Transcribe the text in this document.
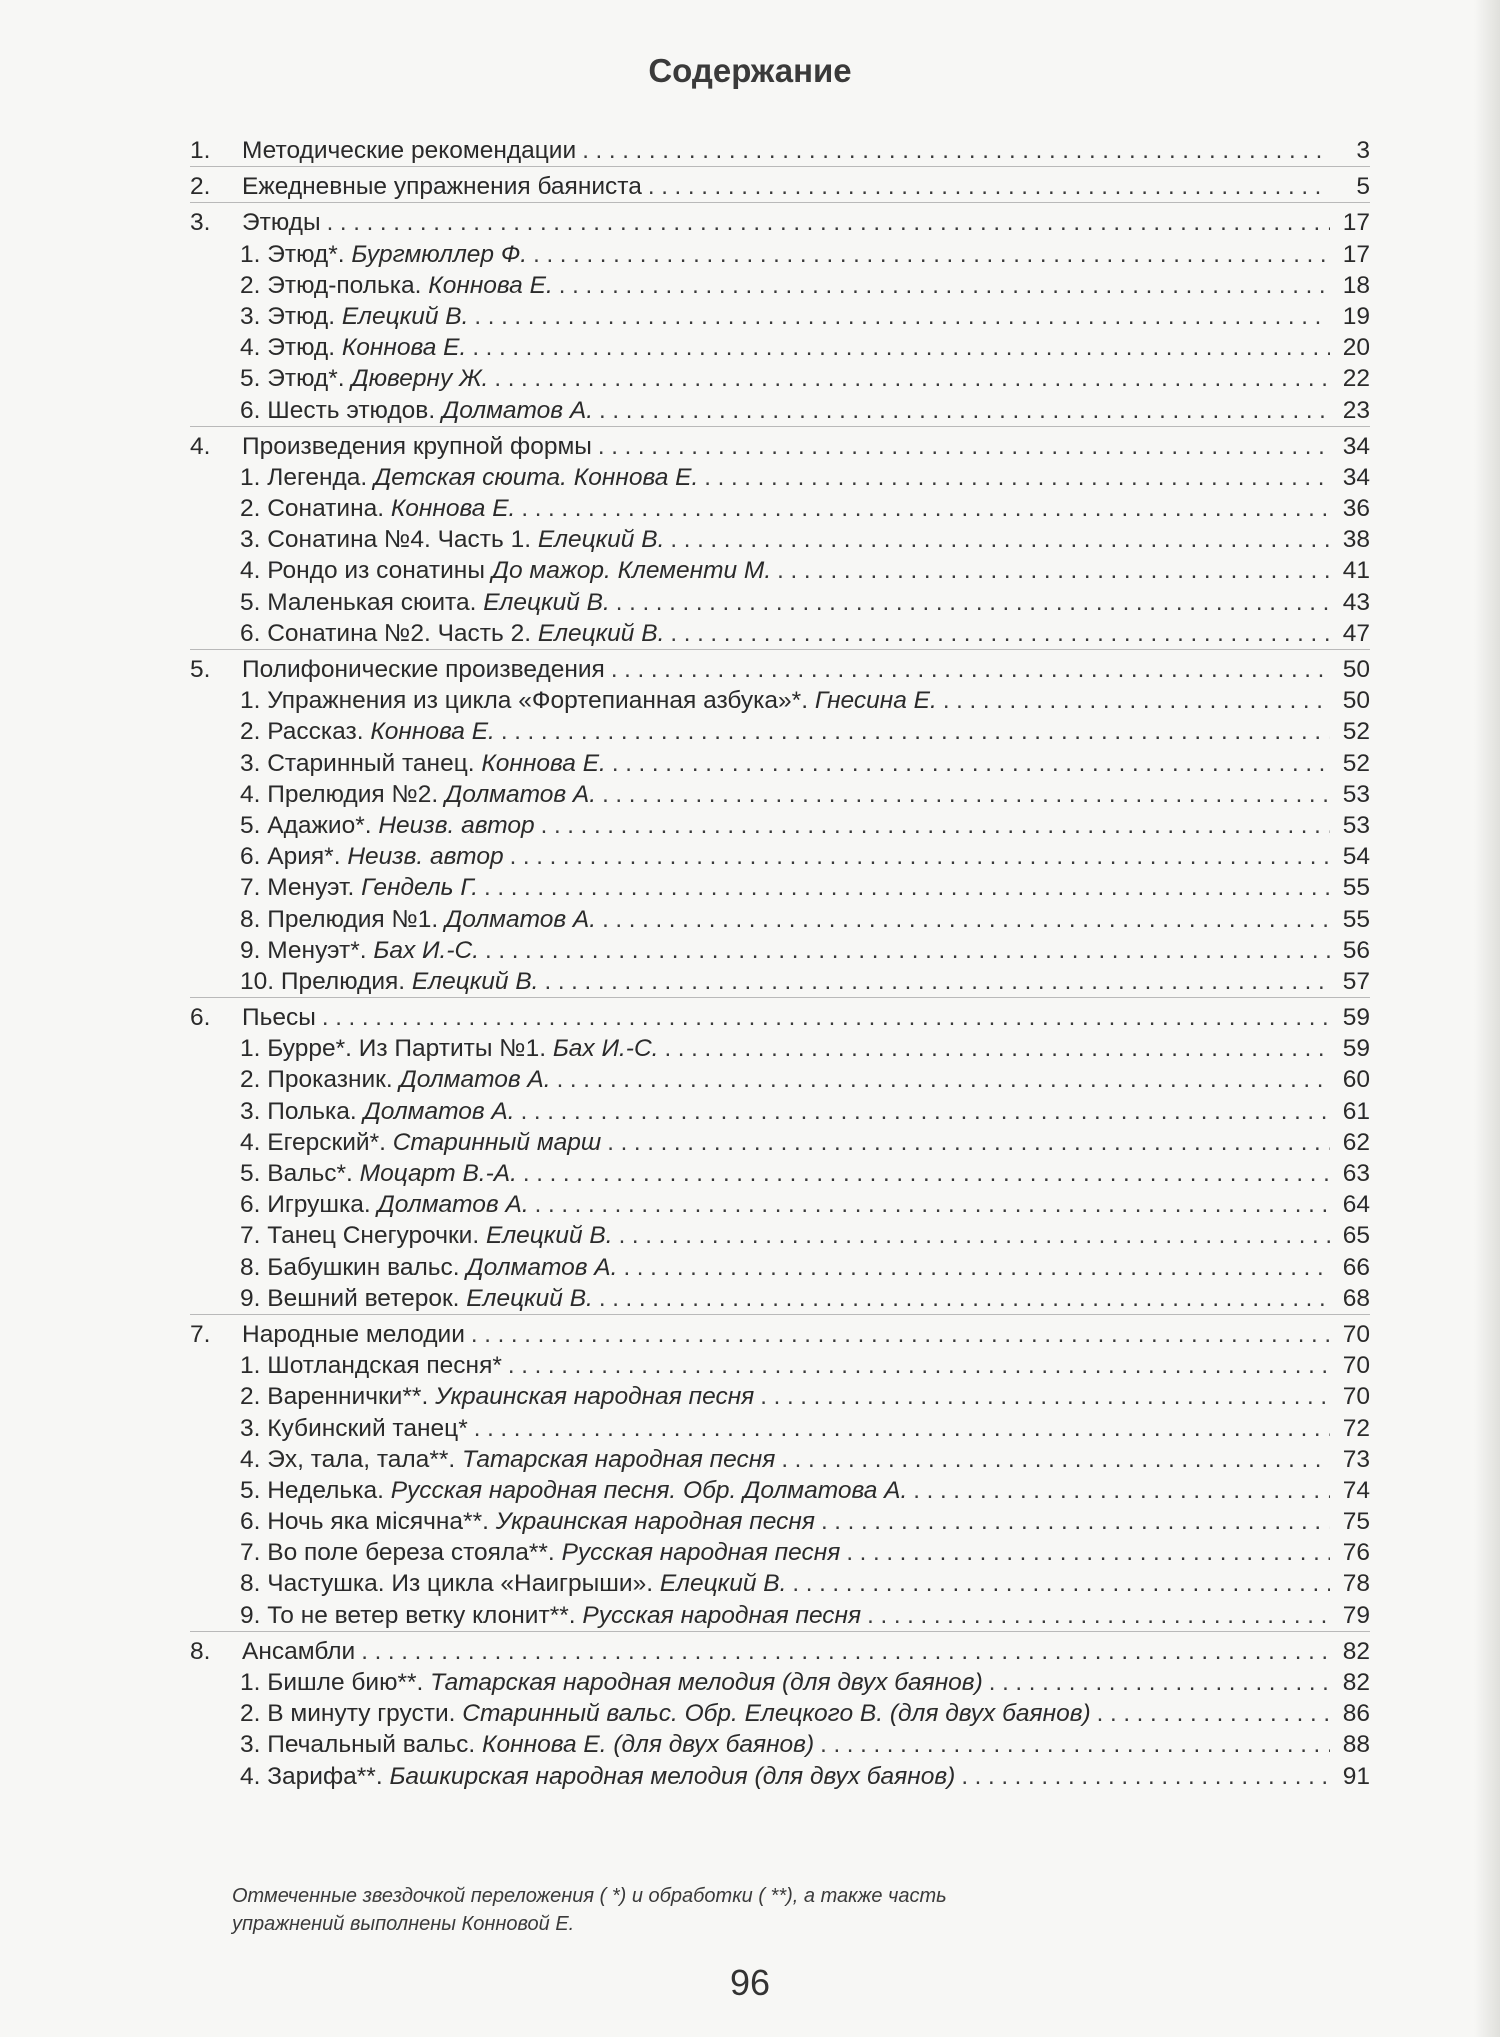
Содержание
1.	Методические рекомендации . . .	3
2.	Ежедневные упражнения баяниста . . .	5
3.	Этюды . . .	17
1. Этюд*. Бургмюллер Ф. . . .	17
2. Этюд-полька. Коннова Е. . . .	18
3. Этюд. Елецкий В. . . .	19
4. Этюд. Коннова Е. . . .	20
5. Этюд*. Дюверну Ж. . . .	22
6. Шесть этюдов. Долматов А. . . .	23
4.	Произведения крупной формы . . .	34
1. Легенда. Детская сюита. Коннова Е. . . .	34
2. Сонатина. Коннова Е. . . .	36
3. Сонатина №4. Часть 1. Елецкий В. . . .	38
4. Рондо из сонатины До мажор. Клементи М. . . .	41
5. Маленькая сюита. Елецкий В. . . .	43
6. Сонатина №2. Часть 2. Елецкий В. . . .	47
5.	Полифонические произведения . . .	50
1. Упражнения из цикла «Фортепианная азбука»*. Гнесина Е. . . .	50
2. Рассказ. Коннова Е. . . .	52
3. Старинный танец. Коннова Е. . . .	52
4. Прелюдия №2. Долматов А. . . .	53
5. Адажио*. Неизв. автор . . .	53
6. Ария*. Неизв. автор . . .	54
7. Менуэт. Гендель Г. . . .	55
8. Прелюдия №1. Долматов А. . . .	55
9. Менуэт*. Бах И.-С. . . .	56
10. Прелюдия. Елецкий В. . . .	57
6.	Пьесы . . .	59
1. Бурре*. Из Партиты №1. Бах И.-С. . . .	59
2. Проказник. Долматов А. . . .	60
3. Полька. Долматов А. . . .	61
4. Егерский*. Старинный марш . . .	62
5. Вальс*. Моцарт В.-А. . . .	63
6. Игрушка. Долматов А. . . .	64
7. Танец Снегурочки. Елецкий В. . . .	65
8. Бабушкин вальс. Долматов А. . . .	66
9. Вешний ветерок. Елецкий В. . . .	68
7.	Народные мелодии . . .	70
1. Шотландская песня* . . .	70
2. Вареннички**. Украинская народная песня . . .	70
3. Кубинский танец* . . .	72
4. Эх, тала, тала**. Татарская народная песня . . .	73
5. Неделька. Русская народная песня. Обр. Долматова А. . . .	74
6. Ночь яка місячна**. Украинская народная песня . . .	75
7. Во поле береза стояла**. Русская народная песня . . .	76
8. Частушка. Из цикла «Наигрыши». Елецкий В. . . .	78
9. То не ветер ветку клонит**. Русская народная песня . . .	79
8.	Ансамбли . . .	82
1. Бишле бию**. Татарская народная мелодия (для двух баянов) . . .	82
2. В минуту грусти. Старинный вальс. Обр. Елецкого В. (для двух баянов) . . .	86
3. Печальный вальс. Коннова Е. (для двух баянов) . . .	88
4. Зарифа**. Башкирская народная мелодия (для двух баянов) . . .	91
Отмеченные звездочкой переложения ( *) и обработки ( **), а также часть
упражнений выполнены Конновой Е.
96
